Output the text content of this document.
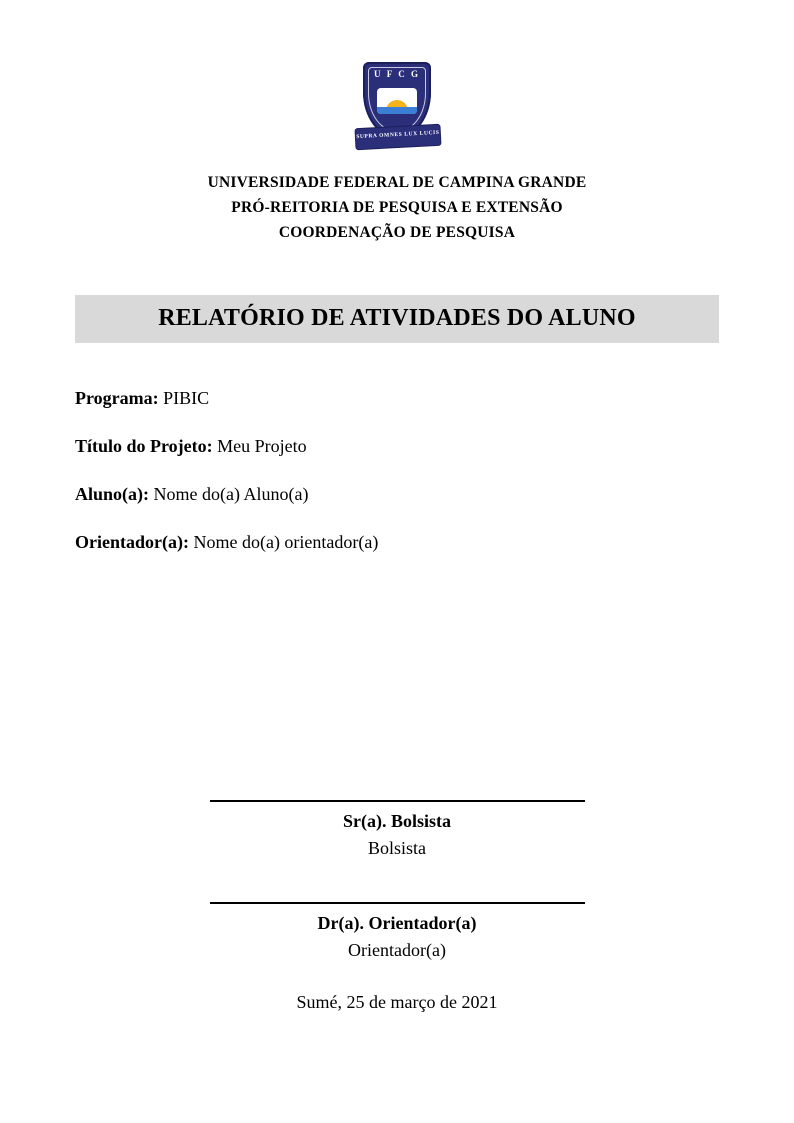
U F C G
SUPRA OMNES LUX LUCIS
UNIVERSIDADE FEDERAL DE CAMPINA GRANDE
PRÓ-REITORIA DE PESQUISA E EXTENSÃO
COORDENAÇÃO DE PESQUISA
RELATÓRIO DE ATIVIDADES DO ALUNO
Programa: PIBIC
Título do Projeto: Meu Projeto
Aluno(a): Nome do(a) Aluno(a)
Orientador(a): Nome do(a) orientador(a)
Sr(a). Bolsista
Bolsista
Dr(a). Orientador(a)
Orientador(a)
Sumé, 25 de março de 2021
